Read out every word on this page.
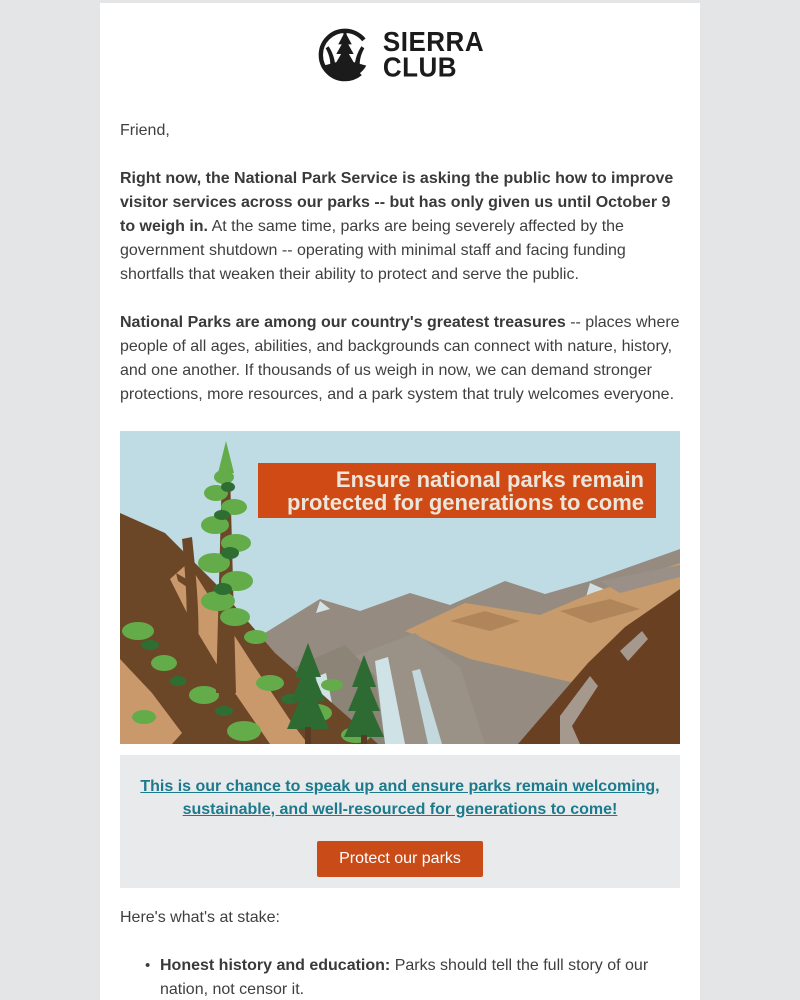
SIERRA
CLUB

Friend,

Right now, the National Park Service is asking the public how to improve visitor services across our parks -- but has only given us until October 9 to weigh in. At the same time, parks are being severely affected by the government shutdown -- operating with minimal staff and facing funding shortfalls that weaken their ability to protect and serve the public.

National Parks are among our country's greatest treasures -- places where people of all ages, abilities, and backgrounds can connect with nature, history, and one another. If thousands of us weigh in now, we can demand stronger protections, more resources, and a park system that truly welcomes everyone.

Ensure national parks remain
protected for generations to come
This is our chance to speak up and ensure parks remain welcoming, sustainable, and well-resourced for generations to come!
Protect our parks

Here's what's at stake:

• Honest history and education: Parks should tell the full story of our nation, not censor it.
